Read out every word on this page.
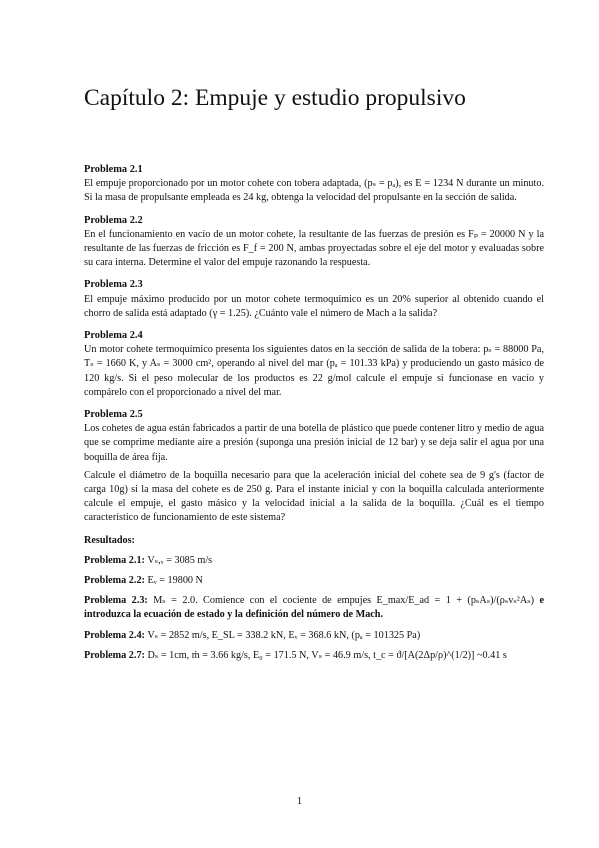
Capítulo 2: Empuje y estudio propulsivo
Problema 2.1

El empuje proporcionado por un motor cohete con tobera adaptada, (pₛ = pₐ), es E = 1234 N durante un minuto. Si la masa de propulsante empleada es 24 kg, obtenga la velocidad del propulsante en la sección de salida.

Problema 2.2

En el funcionamiento en vacío de un motor cohete, la resultante de las fuerzas de presión es Fₚ = 20000 N y la resultante de las fuerzas de fricción es F_f = 200 N, ambas proyectadas sobre el eje del motor y evaluadas sobre su cara interna. Determine el valor del empuje razonando la respuesta.

Problema 2.3

El empuje máximo producido por un motor cohete termoquímico es un 20% superior al obtenido cuando el chorro de salida está adaptado (γ = 1.25). ¿Cuánto vale el número de Mach a la salida?

Problema 2.4

Un motor cohete termoquímico presenta los siguientes datos en la sección de salida de la tobera: pₛ = 88000 Pa, Tₛ = 1660 K, y Aₛ = 3000 cm², operando al nivel del mar (pₐ = 101.33 kPa) y produciendo un gasto másico de 120 kg/s. Si el peso molecular de los productos es 22 g/mol calcule el empuje si funcionase en vacío y compárelo con el proporcionado a nivel del mar.

Problema 2.5

Los cohetes de agua están fabricados a partir de una botella de plástico que puede contener litro y medio de agua que se comprime mediante aire a presión (suponga una presión inicial de 12 bar) y se deja salir el agua por una boquilla de área fija.

Calcule el diámetro de la boquilla necesario para que la aceleración inicial del cohete sea de 9 g's (factor de carga 10g) si la masa del cohete es de 250 g. Para el instante inicial y con la boquilla calculada anteriormente calcule el empuje, el gasto másico y la velocidad inicial a la salida de la boquilla. ¿Cuál es el tiempo característico de funcionamiento de este sistema?

Resultados:
Problema 2.1: Vₛ,ᵥ = 3085 m/s
Problema 2.2: Eᵥ = 19800 N
Problema 2.3: Mₛ = 2.0. Comience con el cociente de empujes E_max/E_ad = 1 + (pₛAₛ)/(ρₛvₛ²Aₛ) e introduzca la ecuación de estado y la definición del número de Mach.
Problema 2.4: Vₛ = 2852 m/s, E_SL = 338.2 kN, Eᵥ = 368.6 kN, (pₐ = 101325 Pa)
Problema 2.7: Dₛ = 1cm, ṁ = 3.66 kg/s, E₀ = 171.5 N, Vₛ = 46.9 m/s, t_c = ϑ/[A(2Δp/ρ)^(1/2)] ~0.41 s
1
